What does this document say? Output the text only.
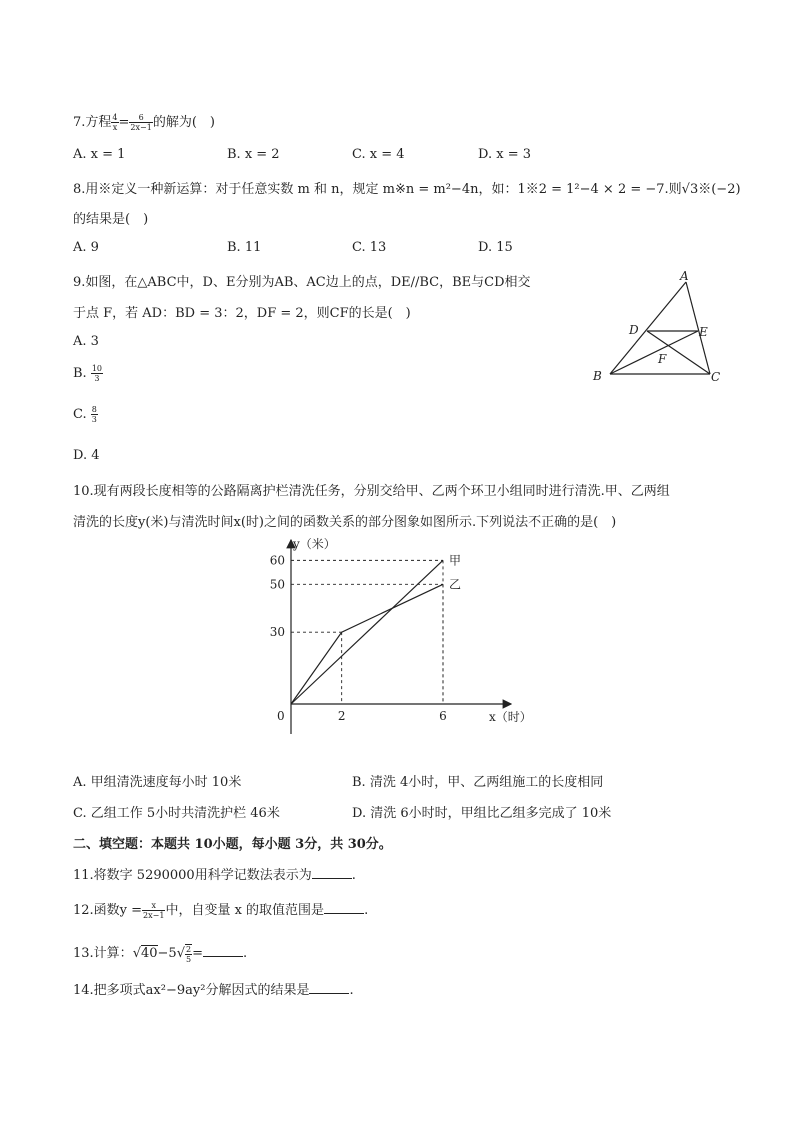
7.方程 $\frac{4}{x} = \frac{6}{2x-1}$ 的解为(　)
A. x = 1	B. x = 2	C. x = 4	D. x = 3
8.用※定义一种新运算：对于任意实数 m 和 n，规定 m※n = m²−4n，如：1※2 = 1²−4 × 2 = −7.则√3※(−2)
的结果是(　)
A. 9	B. 11	C. 13	D. 15
9.如图，在△ABC中，D、E分别为AB、AC边上的点，DE//BC，BE与CD相交
于点 F，若 AD：BD = 3：2，DF = 2，则CF的长是(　)
A. 3
B. $\frac{10}{3}$
C. $\frac{8}{3}$
D. 4
A
B	C
D	E
F
10.现有两段长度相等的公路隔离护栏清洗任务，分别交给甲、乙两个环卫小组同时进行清洗.甲、乙两组
清洗的长度y(米)与清洗时间x(时)之间的函数关系的部分图象如图所示.下列说法不正确的是(　)
甲
乙
30
50
60
0	2	6
y（米）
x（时）
A. 甲组清洗速度每小时 10米	B. 清洗 4小时，甲、乙两组施工的长度相同
C. 乙组工作 5小时共清洗护栏 46米	D. 清洗 6小时时，甲组比乙组多完成了 10米
二、填空题：本题共 10小题，每小题 3分，共 30分。
11.将数字 5290000用科学记数法表示为	.
12.函数$y = \frac{x}{2x-1}$ 中，自变量 x 的取值范围是	.
13.计算：$√40-5√ \frac{2}{5}$ =	.
14.把多项式ax²−9ay²分解因式的结果是	.
